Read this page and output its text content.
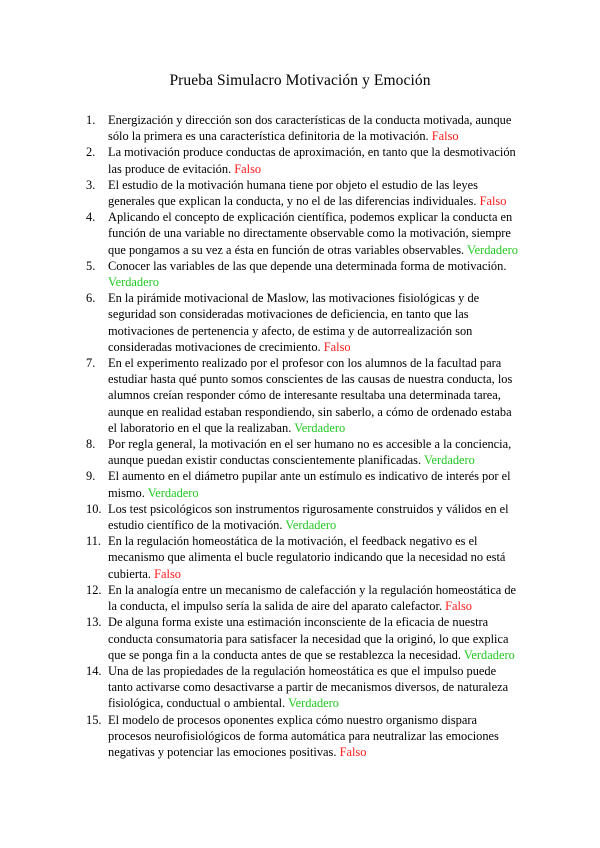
Prueba Simulacro Motivación y Emoción
1. Energización y dirección son dos características de la conducta motivada, aunque sólo la primera es una característica definitoria de la motivación. Falso
2. La motivación produce conductas de aproximación, en tanto que la desmotivación las produce de evitación. Falso
3. El estudio de la motivación humana tiene por objeto el estudio de las leyes generales que explican la conducta, y no el de las diferencias individuales. Falso
4. Aplicando el concepto de explicación científica, podemos explicar la conducta en función de una variable no directamente observable como la motivación, siempre que pongamos a su vez a ésta en función de otras variables observables. Verdadero
5. Conocer las variables de las que depende una determinada forma de motivación. Verdadero
6. En la pirámide motivacional de Maslow, las motivaciones fisiológicas y de seguridad son consideradas motivaciones de deficiencia, en tanto que las motivaciones de pertenencia y afecto, de estima y de autorrealización son consideradas motivaciones de crecimiento. Falso
7. En el experimento realizado por el profesor con los alumnos de la facultad para estudiar hasta qué punto somos conscientes de las causas de nuestra conducta, los alumnos creían responder cómo de interesante resultaba una determinada tarea, aunque en realidad estaban respondiendo, sin saberlo, a cómo de ordenado estaba el laboratorio en el que la realizaban. Verdadero
8. Por regla general, la motivación en el ser humano no es accesible a la conciencia, aunque puedan existir conductas conscientemente planificadas. Verdadero
9. El aumento en el diámetro pupilar ante un estímulo es indicativo de interés por el mismo. Verdadero
10. Los test psicológicos son instrumentos rigurosamente construidos y válidos en el estudio científico de la motivación. Verdadero
11. En la regulación homeostática de la motivación, el feedback negativo es el mecanismo que alimenta el bucle regulatorio indicando que la necesidad no está cubierta. Falso
12. En la analogía entre un mecanismo de calefacción y la regulación homeostática de la conducta, el impulso sería la salida de aire del aparato calefactor. Falso
13. De alguna forma existe una estimación inconsciente de la eficacia de nuestra conducta consumatoria para satisfacer la necesidad que la originó, lo que explica que se ponga fin a la conducta antes de que se restablezca la necesidad. Verdadero
14. Una de las propiedades de la regulación homeostática es que el impulso puede tanto activarse como desactivarse a partir de mecanismos diversos, de naturaleza fisiológica, conductual o ambiental. Verdadero
15. El modelo de procesos oponentes explica cómo nuestro organismo dispara procesos neurofisiológicos de forma automática para neutralizar las emociones negativas y potenciar las emociones positivas. Falso
